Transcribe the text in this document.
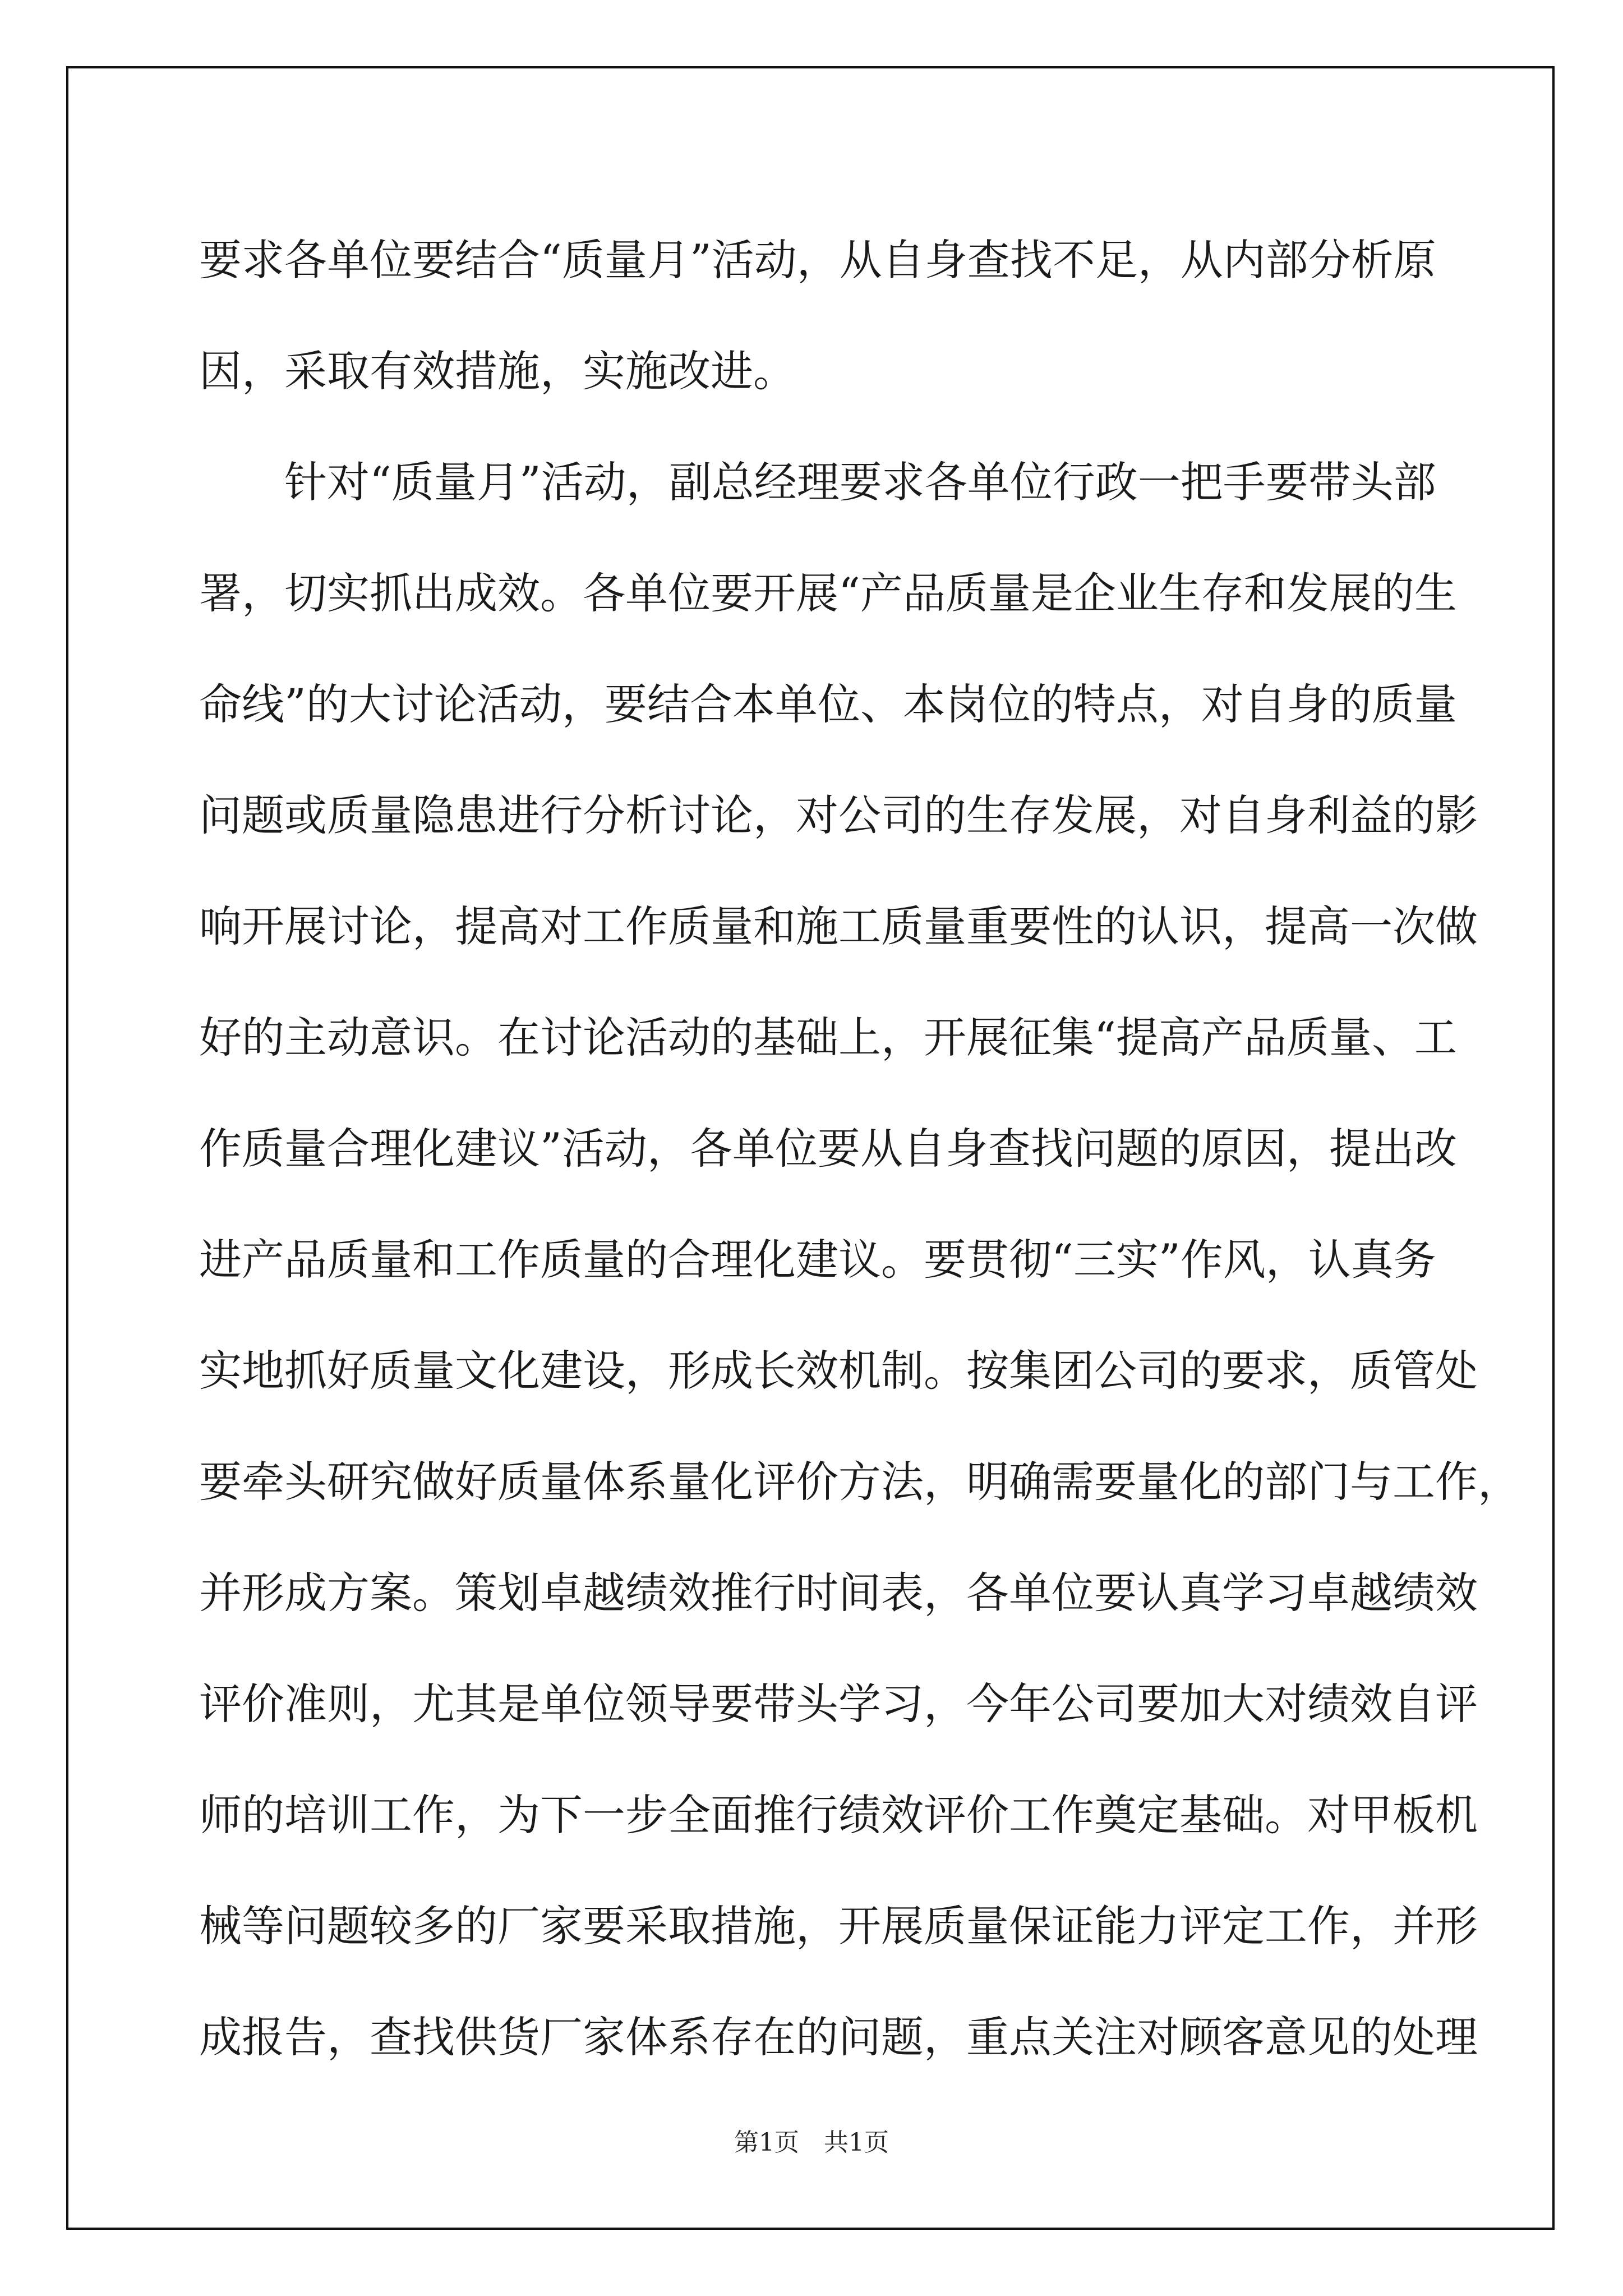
要求各单位要结合“质量月”活动，从自身查找不足，从内部分析原
因，采取有效措施，实施改进。
针对“质量月”活动，副总经理要求各单位行政一把手要带头部
署，切实抓出成效。各单位要开展“产品质量是企业生存和发展的生
命线”的大讨论活动，要结合本单位、本岗位的特点，对自身的质量
问题或质量隐患进行分析讨论，对公司的生存发展，对自身利益的影
响开展讨论，提高对工作质量和施工质量重要性的认识，提高一次做
好的主动意识。在讨论活动的基础上，开展征集“提高产品质量、工
作质量合理化建议”活动，各单位要从自身查找问题的原因，提出改
进产品质量和工作质量的合理化建议。要贯彻“三实”作风，认真务
实地抓好质量文化建设，形成长效机制。按集团公司的要求，质管处
要牵头研究做好质量体系量化评价方法，明确需要量化的部门与工作，
并形成方案。策划卓越绩效推行时间表，各单位要认真学习卓越绩效
评价准则，尤其是单位领导要带头学习，今年公司要加大对绩效自评
师的培训工作，为下一步全面推行绩效评价工作奠定基础。对甲板机
械等问题较多的厂家要采取措施，开展质量保证能力评定工作，并形
成报告，查找供货厂家体系存在的问题，重点关注对顾客意见的处理
第1页 共1页
